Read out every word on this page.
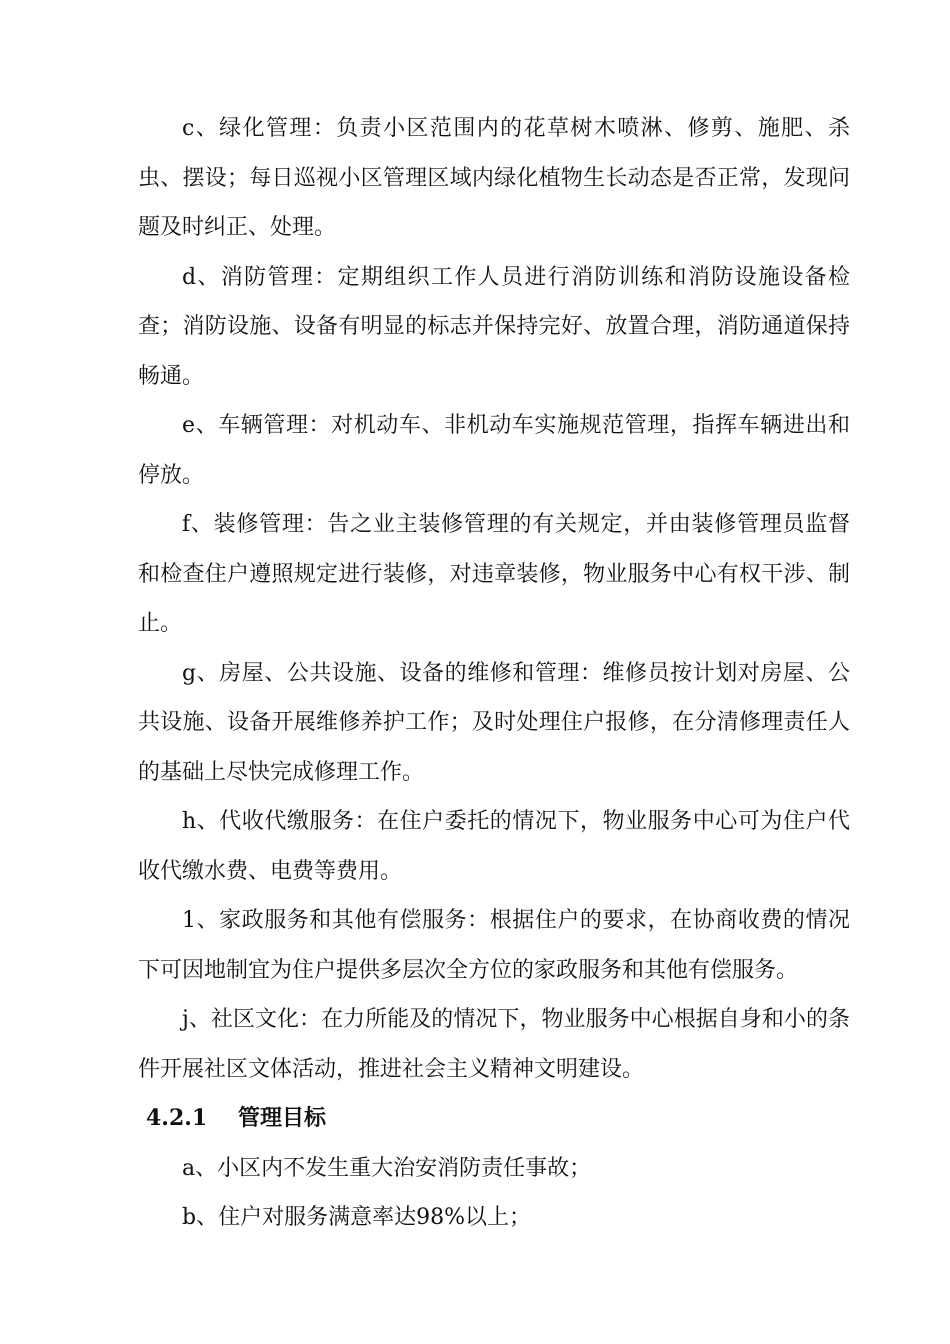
c、绿化管理：负责小区范围内的花草树木喷淋、修剪、施肥、杀虫、摆设；每日巡视小区管理区域内绿化植物生长动态是否正常，发现问题及时纠正、处理。

d、消防管理：定期组织工作人员进行消防训练和消防设施设备检查；消防设施、设备有明显的标志并保持完好、放置合理，消防通道保持畅通。

e、车辆管理：对机动车、非机动车实施规范管理，指挥车辆进出和停放。

f、装修管理：告之业主装修管理的有关规定，并由装修管理员监督和检查住户遵照规定进行装修，对违章装修，物业服务中心有权干涉、制止。

g、房屋、公共设施、设备的维修和管理：维修员按计划对房屋、公共设施、设备开展维修养护工作；及时处理住户报修，在分清修理责任人的基础上尽快完成修理工作。

h、代收代缴服务：在住户委托的情况下，物业服务中心可为住户代收代缴水费、电费等费用。

1、家政服务和其他有偿服务：根据住户的要求，在协商收费的情况下可因地制宜为住户提供多层次全方位的家政服务和其他有偿服务。

j、社区文化：在力所能及的情况下，物业服务中心根据自身和小的条件开展社区文体活动，推进社会主义精神文明建设。

4.2.1 管理目标

a、小区内不发生重大治安消防责任事故；

b、住户对服务满意率达98%以上；
